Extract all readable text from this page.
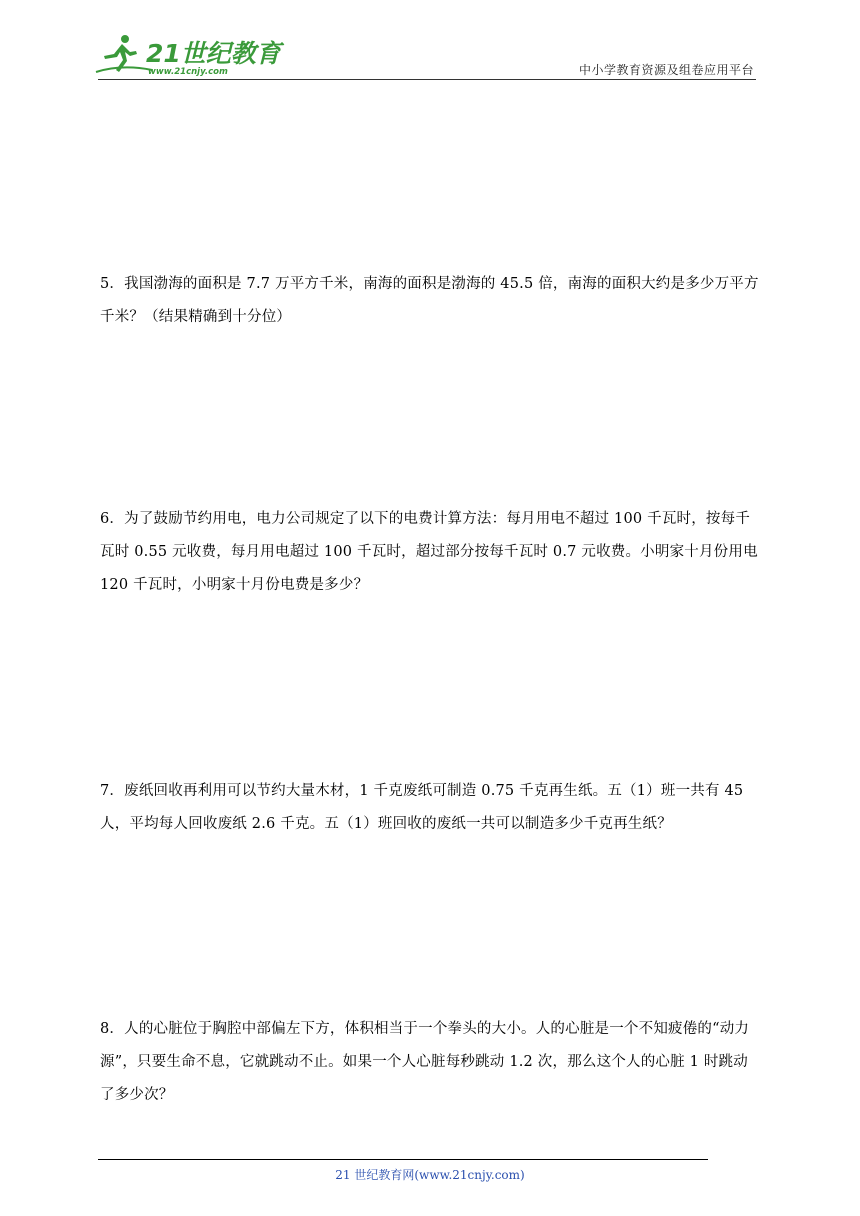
21世纪教育
www.21cnjy.com	中小学教育资源及组卷应用平台
5．我国渤海的面积是 7.7 万平方千米，南海的面积是渤海的 45.5 倍，南海的面积大约是多少万平方千米？（结果精确到十分位）
6．为了鼓励节约用电，电力公司规定了以下的电费计算方法：每月用电不超过 100 千瓦时，按每千瓦时 0.55 元收费，每月用电超过 100 千瓦时，超过部分按每千瓦时 0.7 元收费。小明家十月份用电 120 千瓦时，小明家十月份电费是多少？
7．废纸回收再利用可以节约大量木材，1 千克废纸可制造 0.75 千克再生纸。五（1）班一共有 45 人，平均每人回收废纸 2.6 千克。五（1）班回收的废纸一共可以制造多少千克再生纸？
8．人的心脏位于胸腔中部偏左下方，体积相当于一个拳头的大小。人的心脏是一个不知疲倦的“动力源”，只要生命不息，它就跳动不止。如果一个人心脏每秒跳动 1.2 次，那么这个人的心脏 1 时跳动了多少次？
21 世纪教育网(www.21cnjy.com)
